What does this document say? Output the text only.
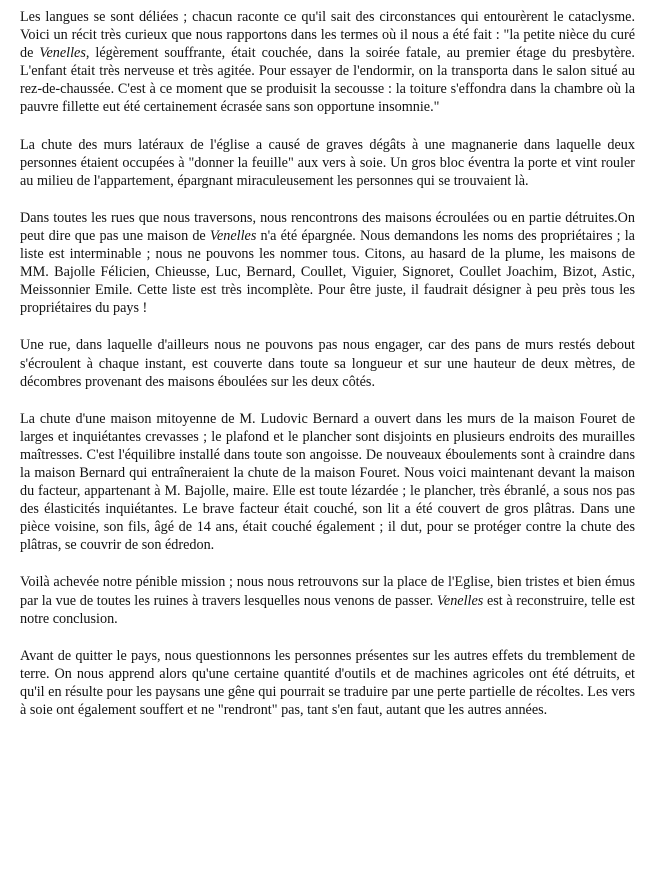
Les langues se sont déliées ; chacun raconte ce qu'il sait des circonstances qui entourèrent le cataclysme. Voici un récit très curieux que nous rapportons dans les termes où il nous a été fait : "la petite nièce du curé de Venelles, légèrement souffrante, était couchée, dans la soirée fatale, au premier étage du presbytère. L'enfant était très nerveuse et très agitée. Pour essayer de l'endormir, on la transporta dans le salon situé au rez-de-chaussée. C'est à ce moment que se produisit la secousse : la toiture s'effondra dans la chambre où la pauvre fillette eut été certainement écrasée sans son opportune insomnie."

La chute des murs latéraux de l'église a causé de graves dégâts à une magnanerie dans laquelle deux personnes étaient occupées à "donner la feuille" aux vers à soie. Un gros bloc éventra la porte et vint rouler au milieu de l'appartement, épargnant miraculeusement les personnes qui se trouvaient là.

Dans toutes les rues que nous traversons, nous rencontrons des maisons écroulées ou en partie détruites.On peut dire que pas une maison de Venelles n'a été épargnée. Nous demandons les noms des propriétaires ; la liste est interminable ; nous ne pouvons les nommer tous. Citons, au hasard de la plume, les maisons de MM. Bajolle Félicien, Chieusse, Luc, Bernard, Coullet, Viguier, Signoret, Coullet Joachim, Bizot, Astic, Meissonnier Emile. Cette liste est très incomplète. Pour être juste, il faudrait désigner à peu près tous les propriétaires du pays !

Une rue, dans laquelle d'ailleurs nous ne pouvons pas nous engager, car des pans de murs restés debout s'écroulent à chaque instant, est couverte dans toute sa longueur et sur une hauteur de deux mètres, de décombres provenant des maisons éboulées sur les deux côtés.

La chute d'une maison mitoyenne de M. Ludovic Bernard a ouvert dans les murs de la maison Fouret de larges et inquiétantes crevasses ; le plafond et le plancher sont disjoints en plusieurs endroits des murailles maîtresses. C'est l'équilibre installé dans toute son angoisse. De nouveaux éboulements sont à craindre dans la maison Bernard qui entraîneraient la chute de la maison Fouret. Nous voici maintenant devant la maison du facteur, appartenant à M. Bajolle, maire. Elle est toute lézardée ; le plancher, très ébranlé, a sous nos pas des élasticités inquiétantes. Le brave facteur était couché, son lit a été couvert de gros plâtras. Dans une pièce voisine, son fils, âgé de 14 ans, était couché également ; il dut, pour se protéger contre la chute des plâtras, se couvrir de son édredon.

Voilà achevée notre pénible mission ; nous nous retrouvons sur la place de l'Eglise, bien tristes et bien émus par la vue de toutes les ruines à travers lesquelles nous venons de passer. Venelles est à reconstruire, telle est notre conclusion.

Avant de quitter le pays, nous questionnons les personnes présentes sur les autres effets du tremblement de terre. On nous apprend alors qu'une certaine quantité d'outils et de machines agricoles ont été détruits, et qu'il en résulte pour les paysans une gêne qui pourrait se traduire par une perte partielle de récoltes. Les vers à soie ont également souffert et ne "rendront" pas, tant s'en faut, autant que les autres années.
